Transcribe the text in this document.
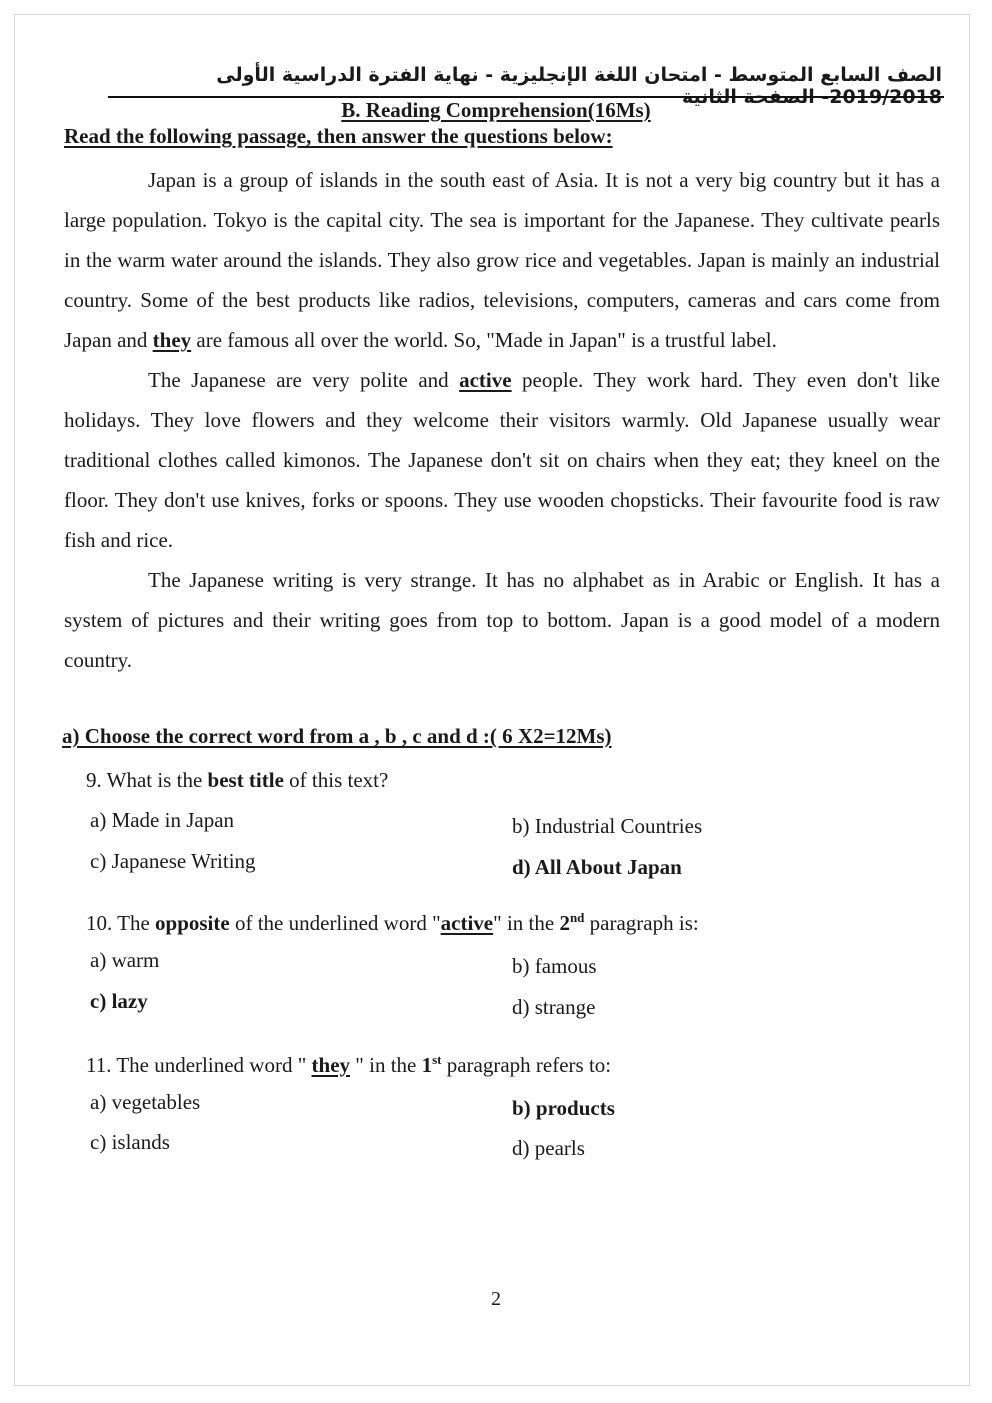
الصف السابع المتوسط - امتحان اللغة الإنجليزية - نهاية الفترة الدراسية الأولى 2019/2018- الصفحة الثانية
B. Reading Comprehension(16Ms)
Read the following passage, then answer the questions below:

Japan is a group of islands in the south east of Asia. It is not a very big country but it has a large population. Tokyo is the capital city. The sea is important for the Japanese. They cultivate pearls in the warm water around the islands. They also grow rice and vegetables. Japan is mainly an industrial country. Some of the best products like radios, televisions, computers, cameras and cars come from Japan and they are famous all over the world. So, "Made in Japan" is a trustful label.

The Japanese are very polite and active people. They work hard. They even don't like holidays. They love flowers and they welcome their visitors warmly. Old Japanese usually wear traditional clothes called kimonos. The Japanese don't sit on chairs when they eat; they kneel on the floor. They don't use knives, forks or spoons. They use wooden chopsticks. Their favourite food is raw fish and rice.

The Japanese writing is very strange. It has no alphabet as in Arabic or English. It has a system of pictures and their writing goes from top to bottom. Japan is a good model of a modern country.

a) Choose the correct word from a , b , c and d :( 6 X2=12Ms)
9. What is the best title of this text?
a) Made in Japan	b) Industrial Countries
c) Japanese Writing	d) All About Japan
10. The opposite of the underlined word "active" in the 2nd paragraph is:
a) warm	b) famous
c) lazy	d) strange
11. The underlined word " they " in the 1st paragraph refers to:
a) vegetables	b) products
c) islands	d) pearls
2
